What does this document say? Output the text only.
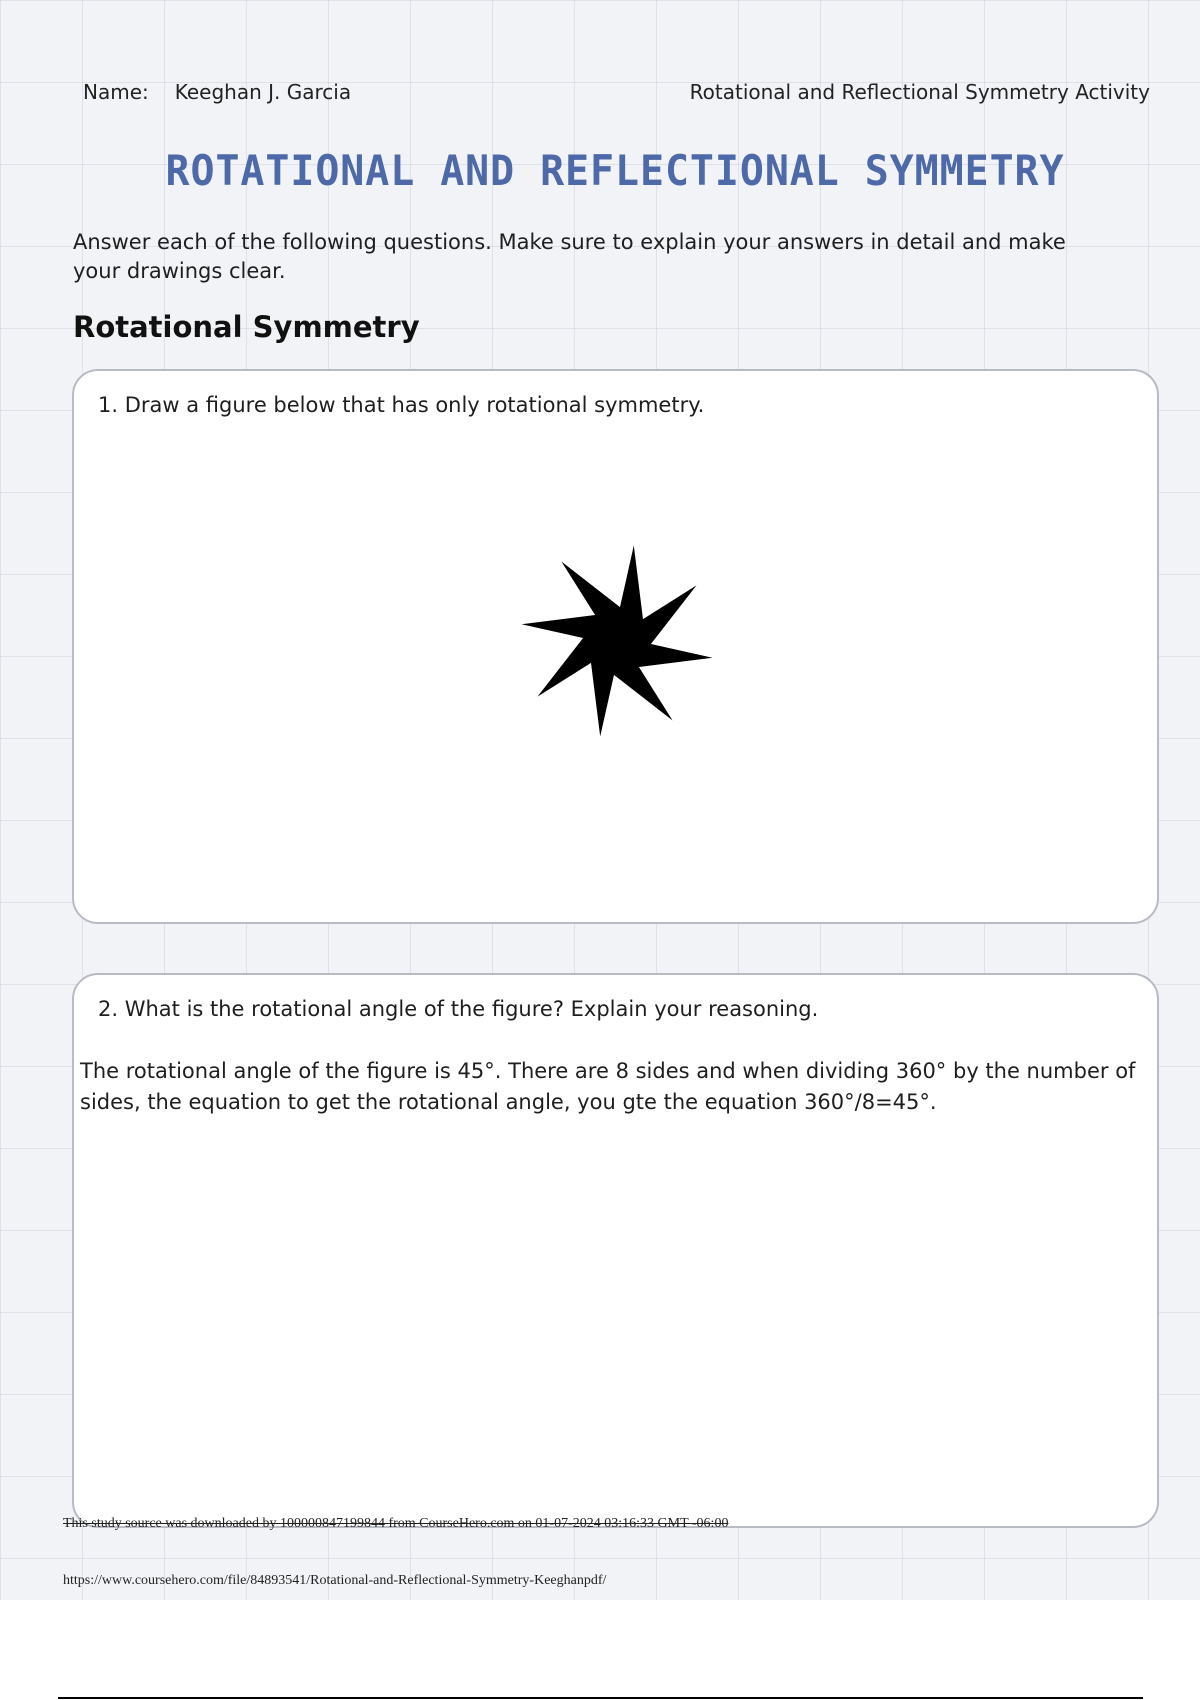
Name: Keeghan J. Garcia	Rotational and Reflectional Symmetry Activity
ROTATIONAL AND REFLECTIONAL SYMMETRY
Answer each of the following questions. Make sure to explain your answers in detail and make your drawings clear.
Rotational Symmetry
1. Draw a figure below that has only rotational symmetry.
2. What is the rotational angle of the figure? Explain your reasoning.
The rotational angle of the figure is 45°. There are 8 sides and when dividing 360° by the number of sides, the equation to get the rotational angle, you gte the equation 360°/8=45°.
This study source was downloaded by 100000847199844 from CourseHero.com on 01-07-2024 03:16:33 GMT -06:00
https://www.coursehero.com/file/84893541/Rotational-and-Reflectional-Symmetry-Keeghanpdf/
